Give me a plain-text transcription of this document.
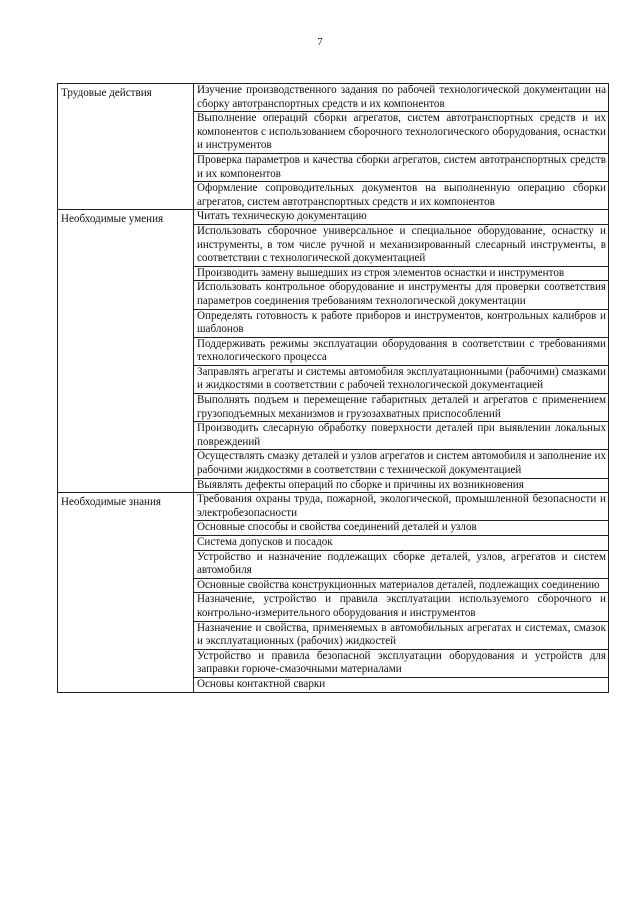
7
Трудовые действия	Изучение производственного задания по рабочей технологической документации на сборку автотранспортных средств и их компонентов
	Выполнение операций сборки агрегатов, систем автотранспортных средств и их компонентов с использованием сборочного технологического оборудования, оснастки и инструментов
	Проверка параметров и качества сборки агрегатов, систем автотранспортных средств и их компонентов
	Оформление сопроводительных документов на выполненную операцию сборки агрегатов, систем автотранспортных средств и их компонентов
Необходимые умения	Читать техническую документацию
	Использовать сборочное универсальное и специальное оборудование, оснастку и инструменты, в том числе ручной и механизированный слесарный инструменты, в соответствии с технологической документацией
	Производить замену вышедших из строя элементов оснастки и инструментов
	Использовать контрольное оборудование и инструменты для проверки соответствия параметров соединения требованиям технологической документации
	Определять готовность к работе приборов и инструментов, контрольных калибров и шаблонов
	Поддерживать режимы эксплуатации оборудования в соответствии с требованиями технологического процесса
	Заправлять агрегаты и системы автомобиля эксплуатационными (рабочими) смазками и жидкостями в соответствии с рабочей технологической документацией
	Выполнять подъем и перемещение габаритных деталей и агрегатов с применением грузоподъемных механизмов и грузозахватных приспособлений
	Производить слесарную обработку поверхности деталей при выявлении локальных повреждений
	Осуществлять смазку деталей и узлов агрегатов и систем автомобиля и заполнение их рабочими жидкостями в соответствии с технической документацией
	Выявлять дефекты операций по сборке и причины их возникновения
Необходимые знания	Требования охраны труда, пожарной, экологической, промышленной безопасности и электробезопасности
	Основные способы и свойства соединений деталей и узлов
	Система допусков и посадок
	Устройство и назначение подлежащих сборке деталей, узлов, агрегатов и систем автомобиля
	Основные свойства конструкционных материалов деталей, подлежащих соединению
	Назначение, устройство и правила эксплуатации используемого сборочного и контрольно-измерительного оборудования и инструментов
	Назначение и свойства, применяемых в автомобильных агрегатах и системах, смазок и эксплуатационных (рабочих) жидкостей
	Устройство и правила безопасной эксплуатации оборудования и устройств для заправки горюче-смазочными материалами
	Основы контактной сварки
